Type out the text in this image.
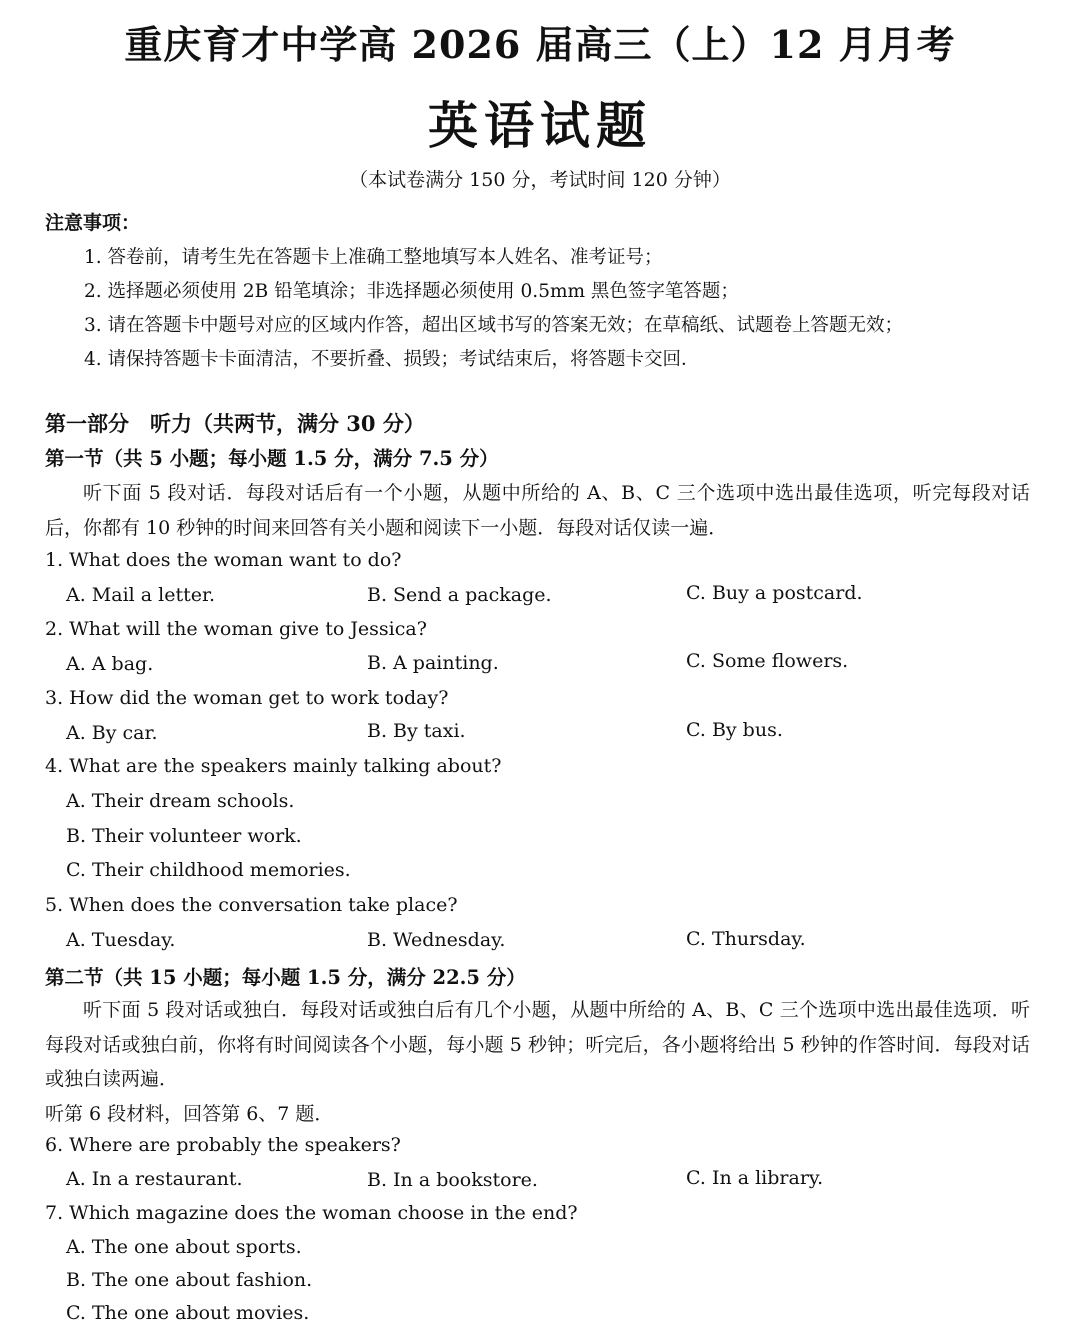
重庆育才中学高 2026 届高三（上）12 月月考
英语试题
（本试卷满分 150 分，考试时间 120 分钟）
注意事项：
1. 答卷前，请考生先在答题卡上准确工整地填写本人姓名、准考证号；
2. 选择题必须使用 2B 铅笔填涂；非选择题必须使用 0.5mm 黑色签字笔答题；
3. 请在答题卡中题号对应的区域内作答，超出区域书写的答案无效；在草稿纸、试题卷上答题无效；
4. 请保持答题卡卡面清洁，不要折叠、损毁；考试结束后，将答题卡交回．
第一部分　听力（共两节，满分 30 分）
第一节（共 5 小题；每小题 1.5 分，满分 7.5 分）
听下面 5 段对话．每段对话后有一个小题，从题中所给的 A、B、C 三个选项中选出最佳选项，听完每段对话后，你都有 10 秒钟的时间来回答有关小题和阅读下一小题．每段对话仅读一遍．
1. What does the woman want to do?
A. Mail a letter.	B. Send a package.	C. Buy a postcard.
2. What will the woman give to Jessica?
A. A bag.	B. A painting.	C. Some flowers.
3. How did the woman get to work today?
A. By car.	B. By taxi.	C. By bus.
4. What are the speakers mainly talking about?
A. Their dream schools.
B. Their volunteer work.
C. Their childhood memories.
5. When does the conversation take place?
A. Tuesday.	B. Wednesday.	C. Thursday.
第二节（共 15 小题；每小题 1.5 分，满分 22.5 分）
听下面 5 段对话或独白．每段对话或独白后有几个小题，从题中所给的 A、B、C 三个选项中选出最佳选项．听每段对话或独白前，你将有时间阅读各个小题，每小题 5 秒钟；听完后，各小题将给出 5 秒钟的作答时间．每段对话或独白读两遍．
听第 6 段材料，回答第 6、7 题．
6. Where are probably the speakers?
A. In a restaurant.	B. In a bookstore.	C. In a library.
7. Which magazine does the woman choose in the end?
A. The one about sports.
B. The one about fashion.
C. The one about movies.
